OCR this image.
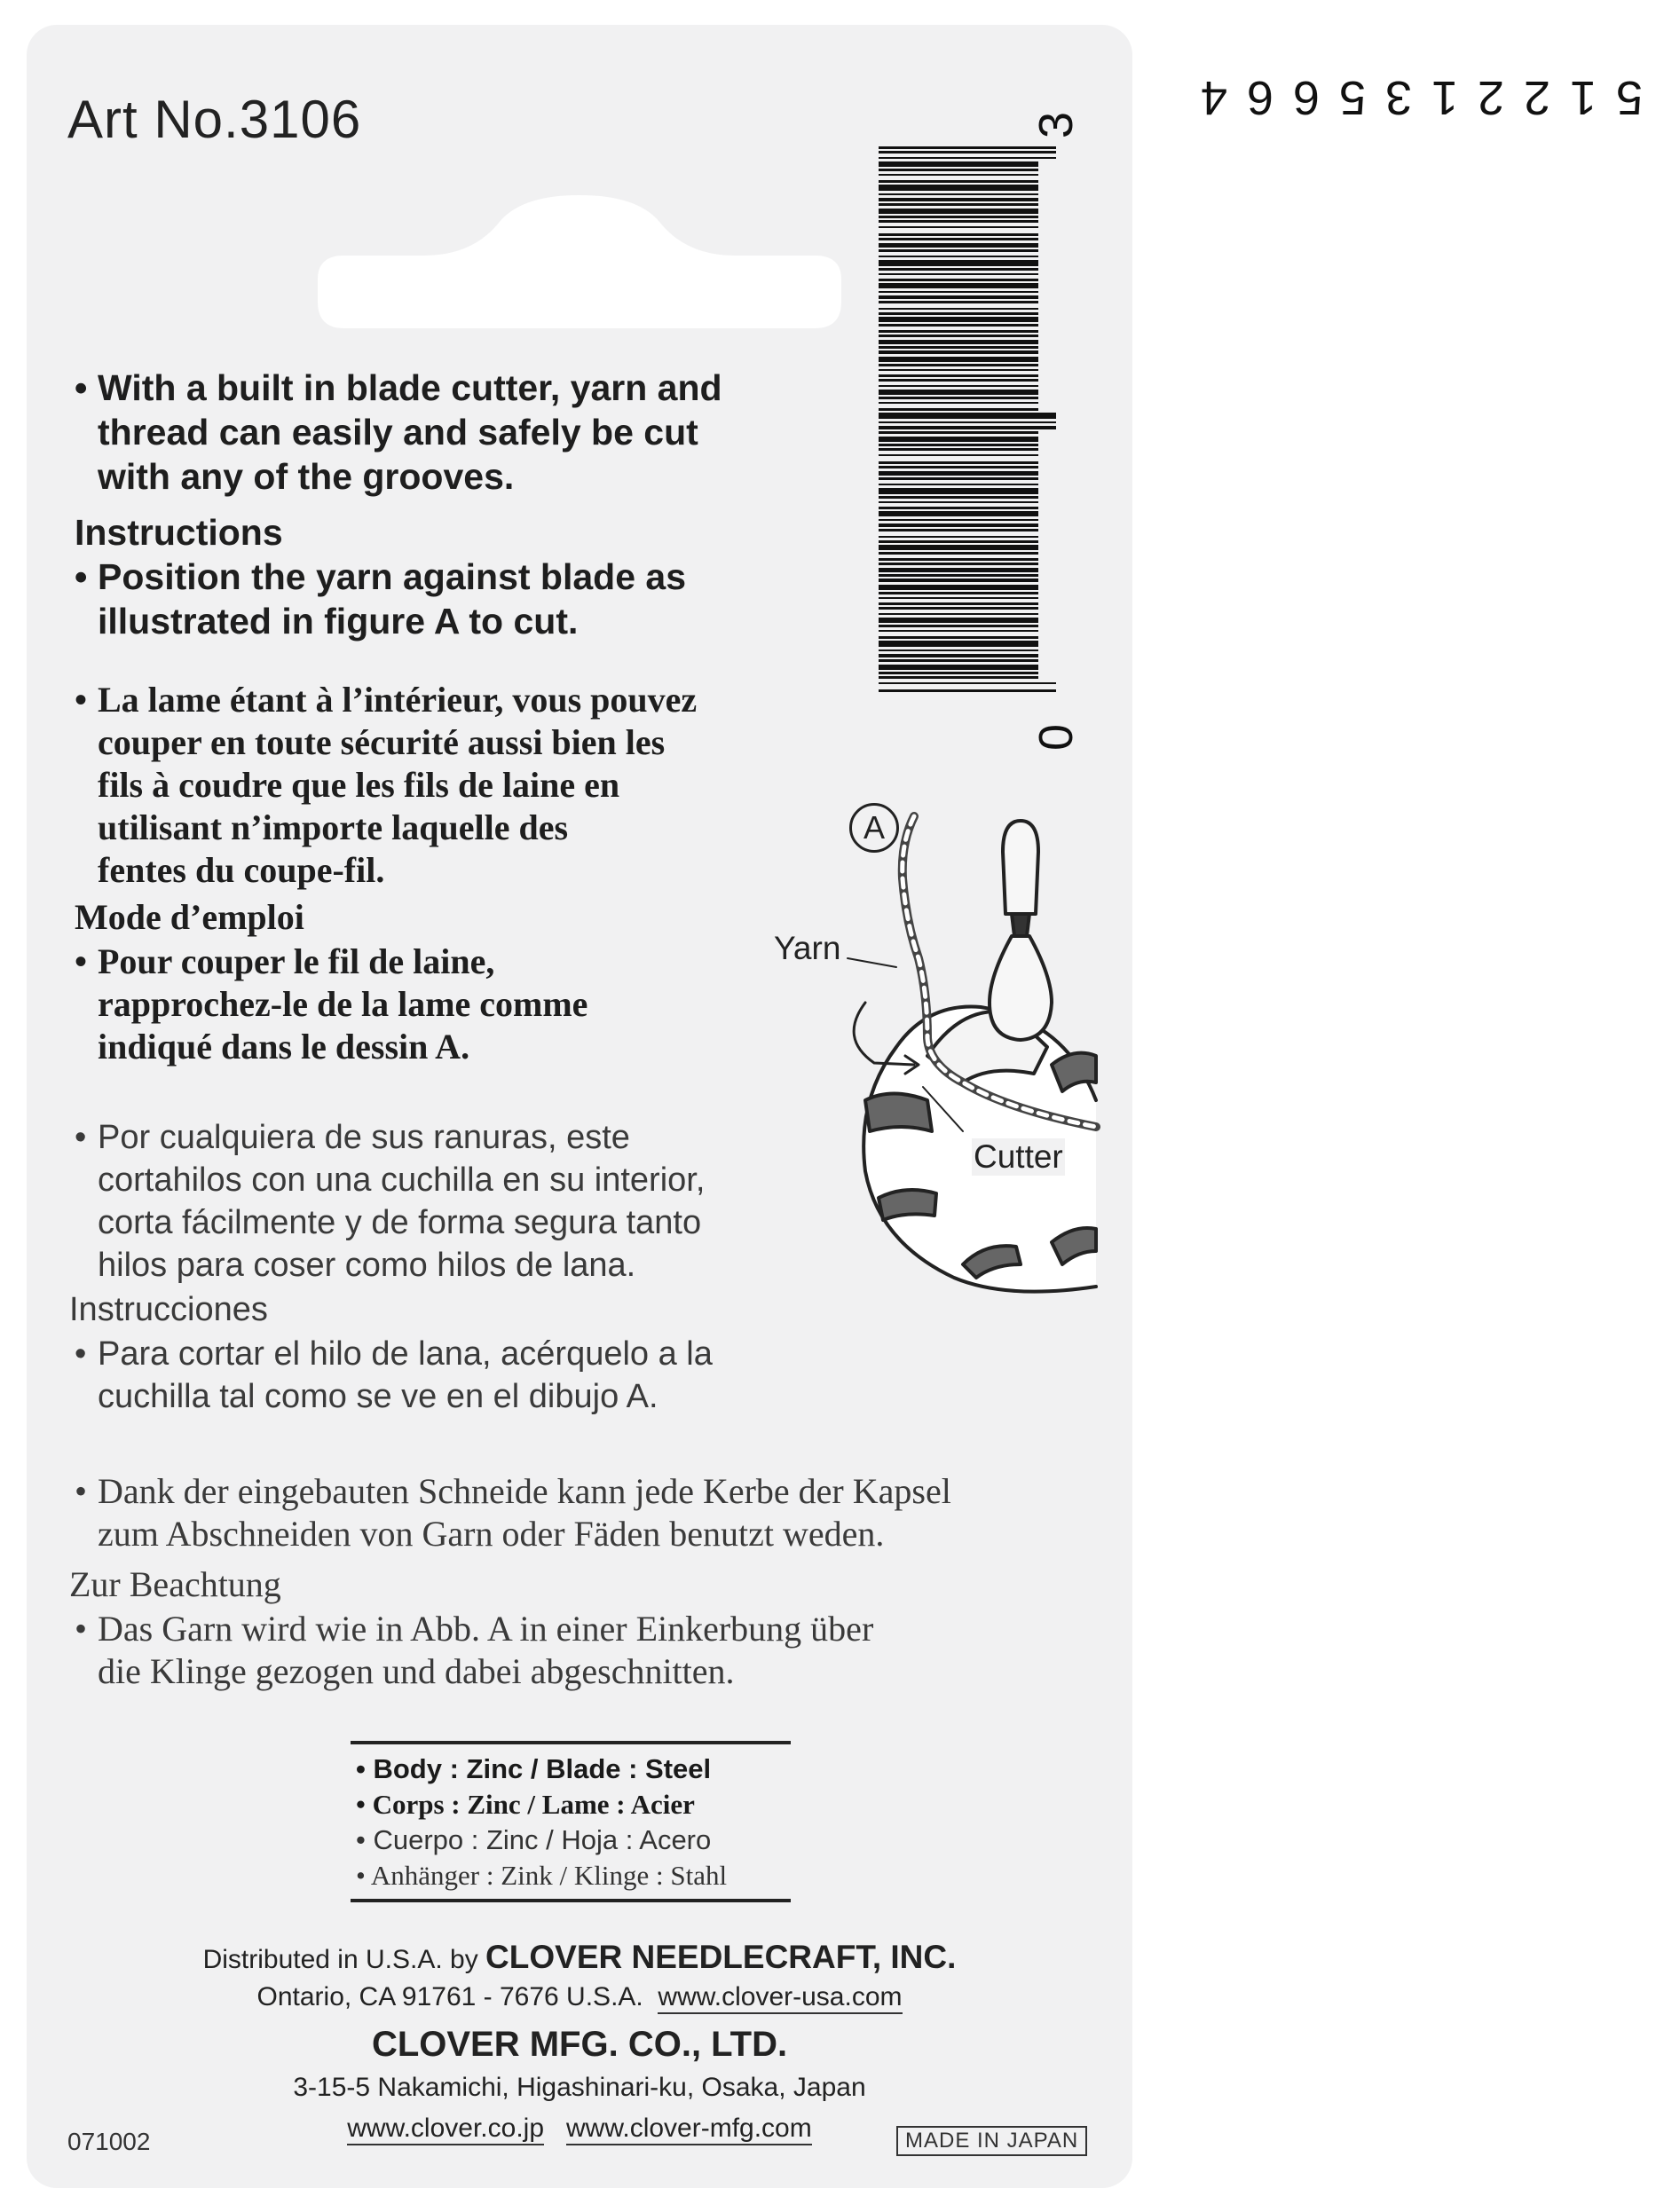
Art No.3106	3
5
1
2
2
1
3
5
6
6
4
0
• With a built in blade cutter, yarn and
thread can easily and safely be cut
with any of the grooves.
Instructions
• Position the yarn against blade as
illustrated in figure A to cut.
• La lame étant à l’intérieur, vous pouvez
couper en toute sécurité aussi bien les
fils à coudre que les fils de laine en
utilisant n’importe laquelle des
fentes du coupe-fil.
Mode d’emploi
• Pour couper le fil de laine,
rapprochez-le de la lame comme
indiqué dans le dessin A.
• Por cualquiera de sus ranuras, este
cortahilos con una cuchilla en su interior,
corta fácilmente y de forma segura tanto
hilos para coser como hilos de lana.
Instrucciones
• Para cortar el hilo de lana, acérquelo a la
cuchilla tal como se ve en el dibujo A.
• Dank der eingebauten Schneide kann jede Kerbe der Kapsel
zum Abschneiden von Garn oder Fäden benutzt weden.
Zur Beachtung
• Das Garn wird wie in Abb. A in einer Einkerbung über
die Klinge gezogen und dabei abgeschnitten.
A
Yarn
Cutter
• Body : Zinc / Blade : Steel
• Corps : Zinc / Lame : Acier
• Cuerpo : Zinc / Hoja : Acero
• Anhänger : Zink / Klinge : Stahl
Distributed in U.S.A. by CLOVER NEEDLECRAFT, INC.
Ontario, CA 91761 - 7676 U.S.A. www.clover-usa.com
CLOVER MFG. CO., LTD.
3-15-5 Nakamichi, Higashinari-ku, Osaka, Japan
www.clover.co.jp www.clover-mfg.com
071002	MADE IN JAPAN
